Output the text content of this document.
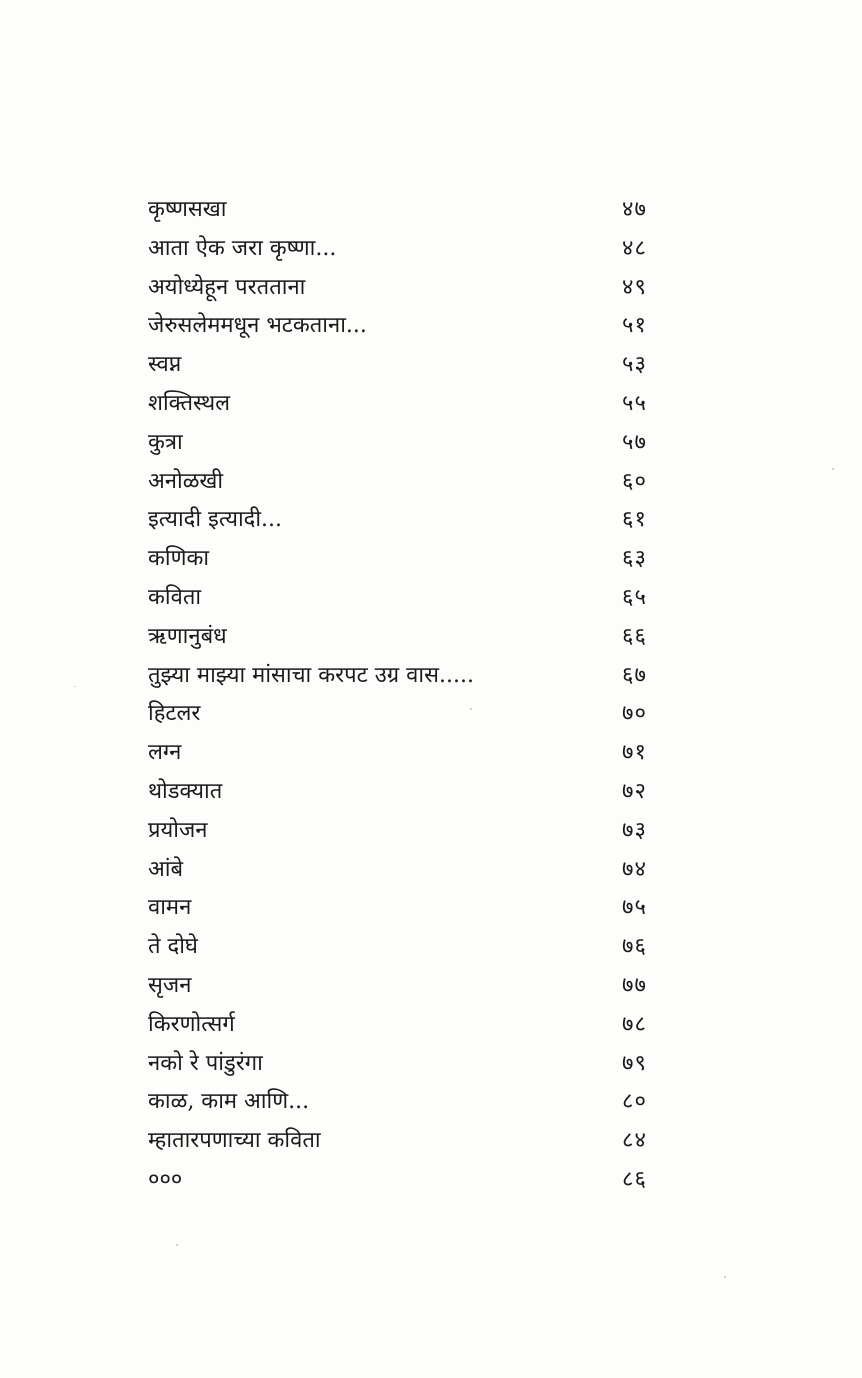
कृष्णसखा	४७
आता ऐक जरा कृष्णा...	४८
अयोध्येहून परतताना	४९
जेरुसलेममधून भटकताना...	५१
स्वप्न	५३
शक्तिस्थल	५५
कुत्रा	५७
अनोळखी	६०
इत्यादी इत्यादी...	६१
कणिका	६३
कविता	६५
ऋणानुबंध	६६
तुझ्या माझ्या मांसाचा करपट उग्र वास.....	६७
हिटलर	७०
लग्न	७१
थोडक्यात	७२
प्रयोजन	७३
आंबे	७४
वामन	७५
ते दोघे	७६
सृजन	७७
किरणोत्सर्ग	७८
नको रे पांडुरंगा	७९
काळ, काम आणि...	८०
म्हातारपणाच्या कविता	८४
०००	८६
